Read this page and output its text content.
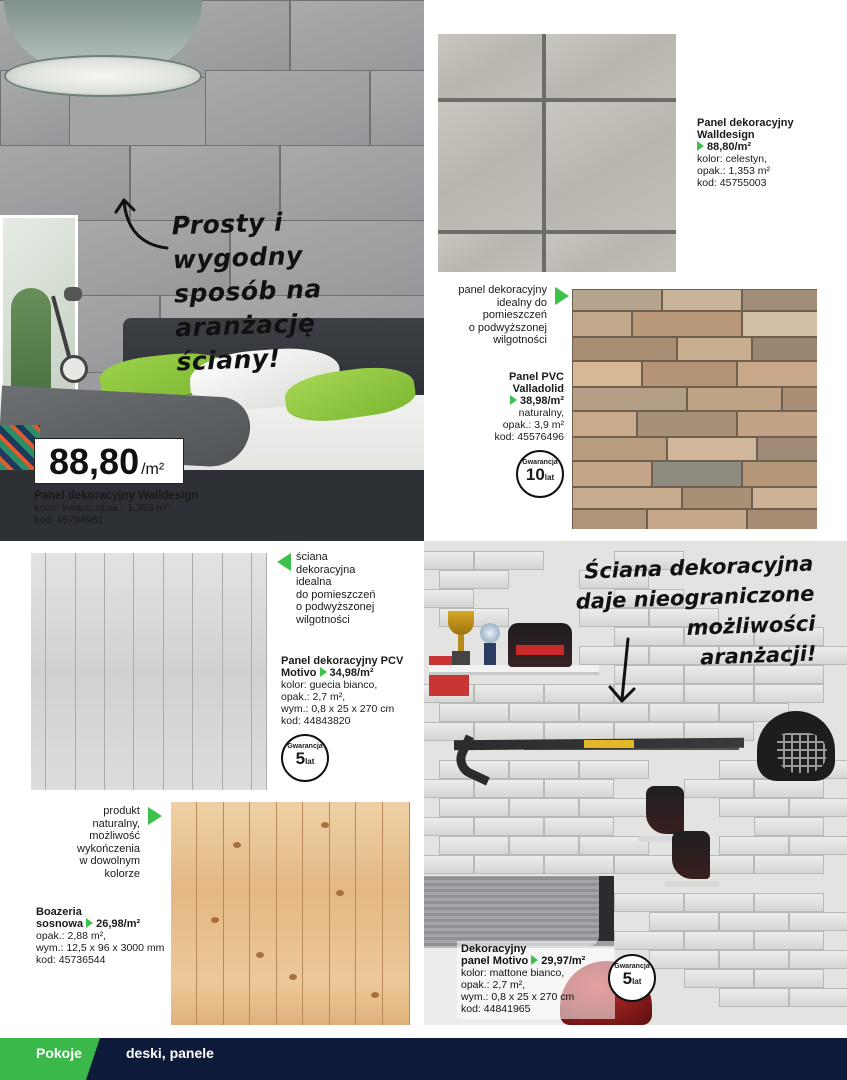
Prosty i wygodny
sposób na
aranżację ściany!
88,80 /m²
Panel dekoracyjny Walldesign
kolor: kwarc, opak.: 1,353 m²
kod: 45754961
Panel dekoracyjny
Walldesign
88,80/m²
kolor: celestyn,
opak.: 1,353 m²
kod: 45755003
panel dekoracyjny
idealny do
pomieszczeń
o podwyższonej
wilgotności
Panel PVC
Valladolid
38,98/m²
naturalny,
opak.: 3,9 m²
kod: 45576496
Gwarancja
10lat
ściana
dekoracyjna
idealna
do pomieszczeń
o podwyższonej
wilgotności
Panel dekoracyjny PCV
Motivo 34,98/m²
kolor: guecia bianco,
opak.: 2,7 m²,
wym.: 0,8 x 25 x 270 cm
kod: 44843820
Gwarancja
5lat
produkt
naturalny,
możliwość
wykończenia
w dowolnym
kolorze
Boazeria
sosnowa 26,98/m²
opak.: 2,88 m²,
wym.: 12,5 x 96 x 3000 mm
kod: 45736544
Ściana dekoracyjna
daje nieograniczone
możliwości
aranżacji!
Dekoracyjny
panel Motivo 29,97/m²
kolor: mattone bianco,
opak.: 2,7 m²,
wym.: 0,8 x 25 x 270 cm
kod: 44841965
Gwarancja
5lat
Pokoje	deski, panele
